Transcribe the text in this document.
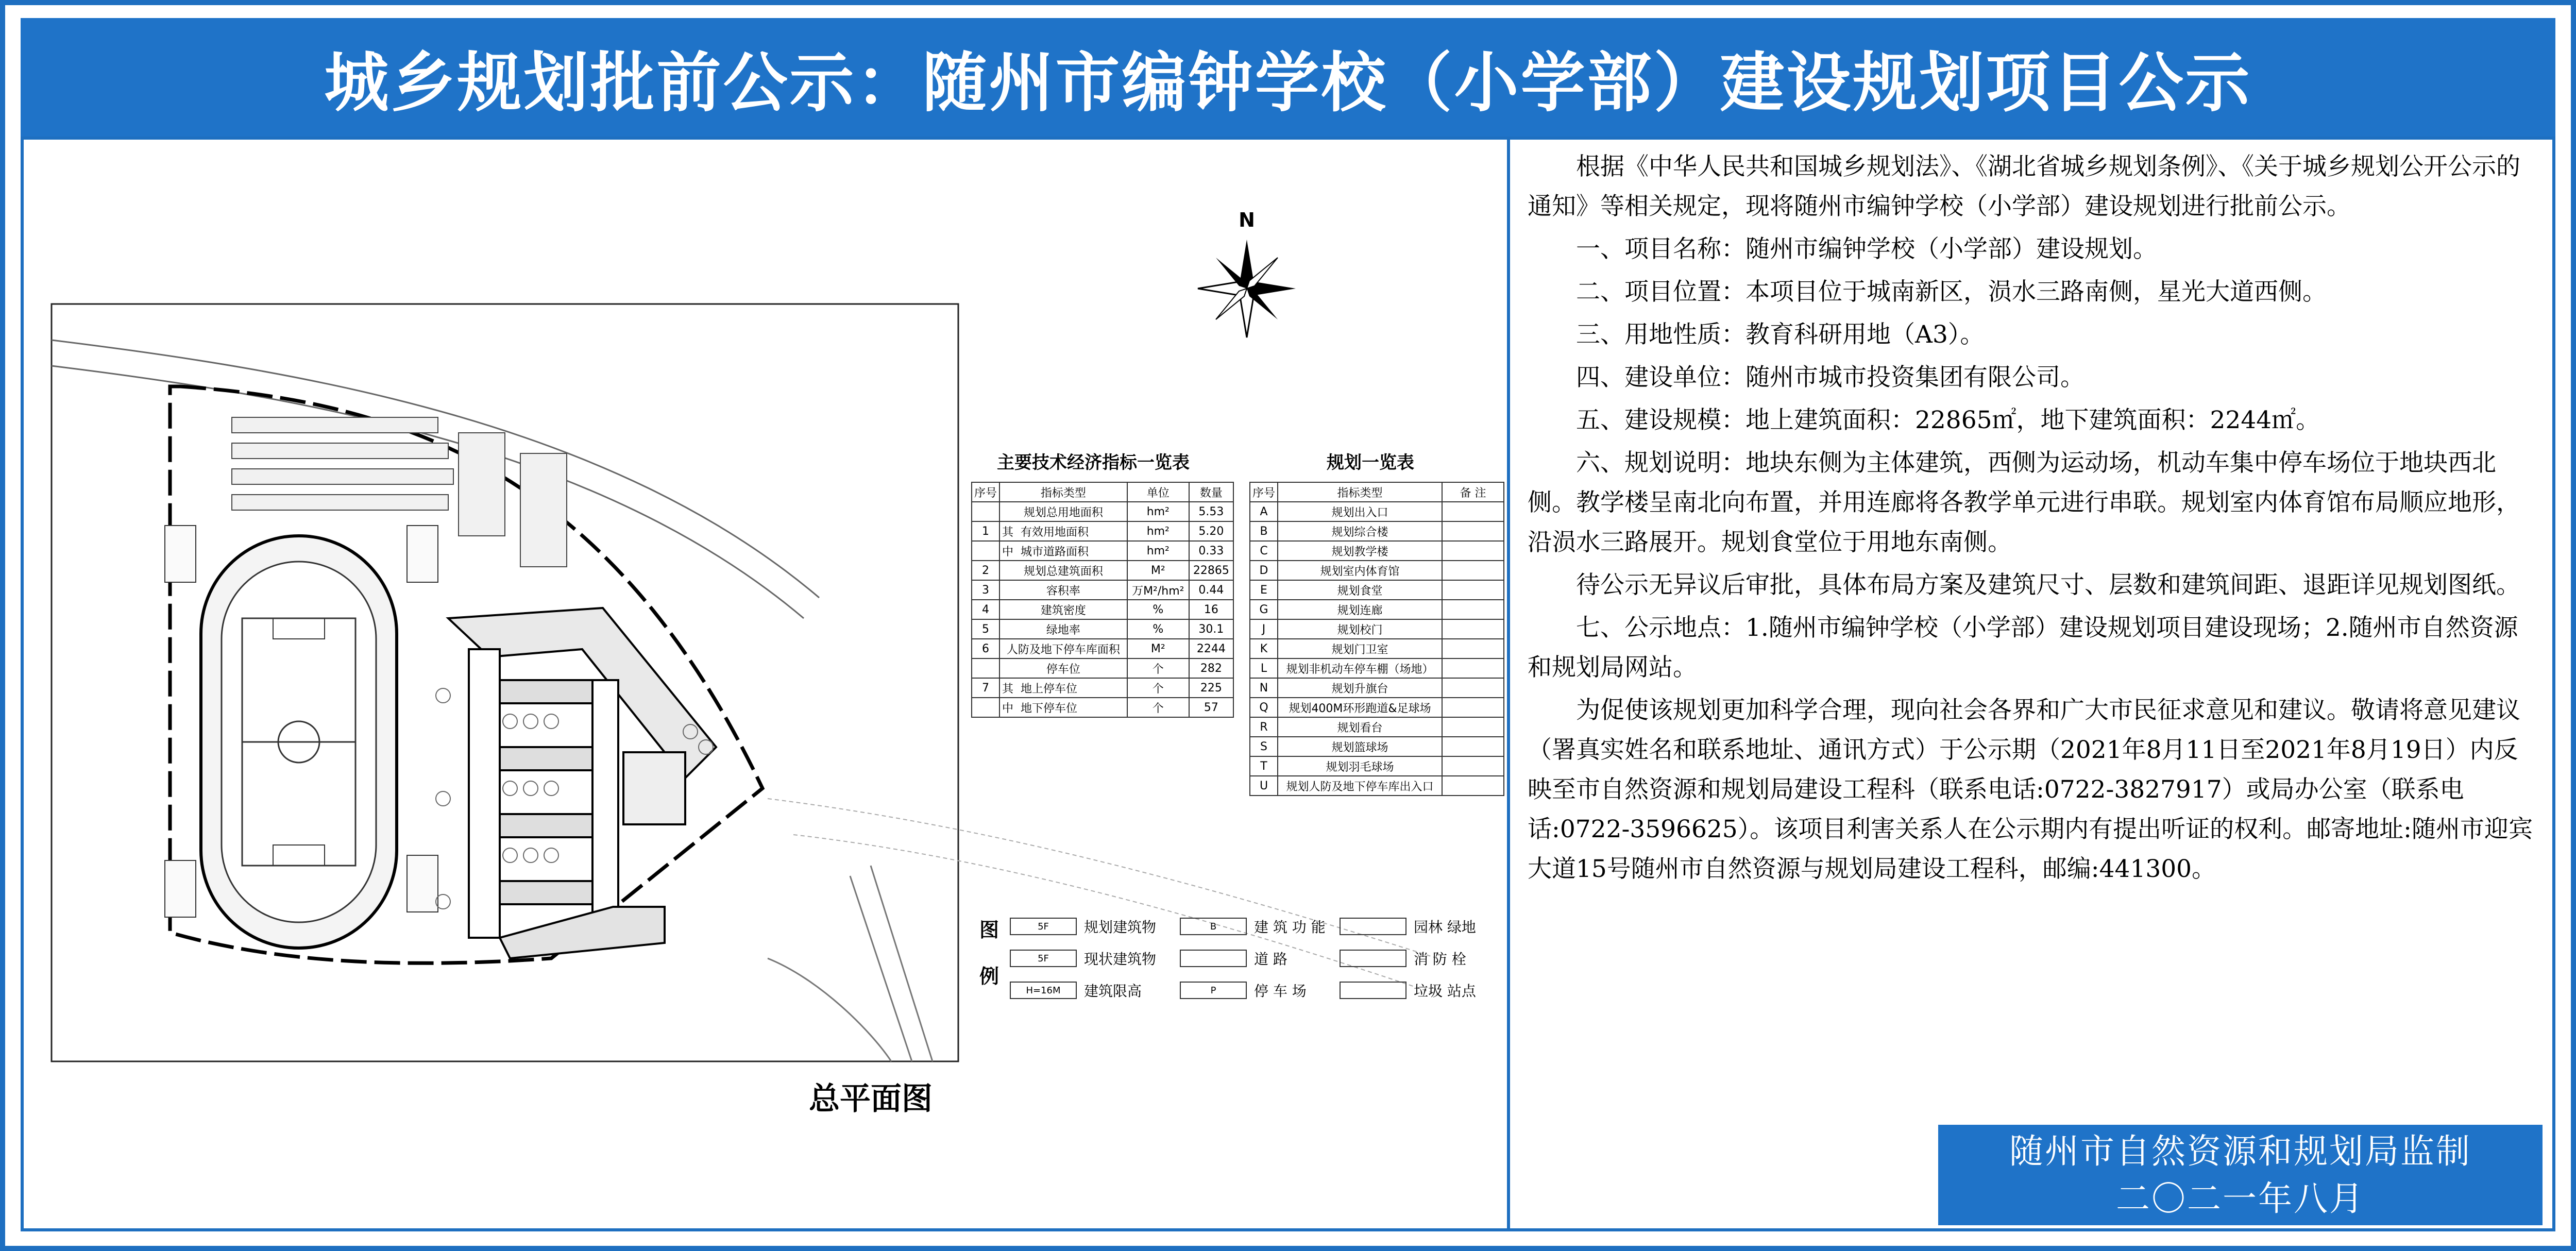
城乡规划批前公示：随州市编钟学校（小学部）建设规划项目公示
N
总平面图
主要技术经济指标一览表
序号	指标类型	单位	数量
	规划总用地面积	hm²	5.53
1	其 有效用地面积	hm²	5.20
	中 城市道路面积	hm²	0.33
2	规划总建筑面积	M²	22865
3	容积率	万M²/hm²	0.44
4	建筑密度	%	16
5	绿地率	%	30.1
6	人防及地下停车库面积	M²	2244
	停车位	个	282
7	其 地上停车位	个	225
	中 地下停车位	个	57
规划一览表
序号	指标类型	备 注
A	规划出入口	
B	规划综合楼	
C	规划教学楼	
D	规划室内体育馆	
E	规划食堂	
G	规划连廊	
J	规划校门	
K	规划门卫室	
L	规划非机动车停车棚（场地）	
N	规划升旗台	
Q	规划400M环形跑道&足球场	
R	规划看台	
S	规划篮球场	
T	规划羽毛球场	
U	规划人防及地下停车库出入口	
图
例
5F	规划建筑物
5F	现状建筑物
H=16M	建筑限高
B	建 筑 功 能
道 路
P	停 车 场
园林 绿地
消 防 栓
垃圾 站点

根据《中华人民共和国城乡规划法》、《湖北省城乡规划条例》、《关于城乡规划公开公示的通知》等相关规定，现将随州市编钟学校（小学部）建设规划进行批前公示。

一、项目名称：随州市编钟学校（小学部）建设规划。

二、项目位置：本项目位于城南新区，涢水三路南侧，星光大道西侧。

三、用地性质：教育科研用地（A3）。

四、建设单位：随州市城市投资集团有限公司。

五、建设规模：地上建筑面积：22865㎡，地下建筑面积：2244㎡。

六、规划说明：地块东侧为主体建筑，西侧为运动场，机动车集中停车场位于地块西北侧。教学楼呈南北向布置，并用连廊将各教学单元进行串联。规划室内体育馆布局顺应地形，沿涢水三路展开。规划食堂位于用地东南侧。

待公示无异议后审批，具体布局方案及建筑尺寸、层数和建筑间距、退距详见规划图纸。

七、公示地点：1.随州市编钟学校（小学部）建设规划项目建设现场；2.随州市自然资源和规划局网站。

为促使该规划更加科学合理，现向社会各界和广大市民征求意见和建议。敬请将意见建议（署真实姓名和联系地址、通讯方式）于公示期（2021年8月11日至2021年8月19日）内反映至市自然资源和规划局建设工程科（联系电话:0722-3827917）或局办公室（联系电话:0722-3596625）。该项目利害关系人在公示期内有提出听证的权利。邮寄地址:随州市迎宾大道15号随州市自然资源与规划局建设工程科，邮编:441300。

随州市自然资源和规划局监制
二〇二一年八月
